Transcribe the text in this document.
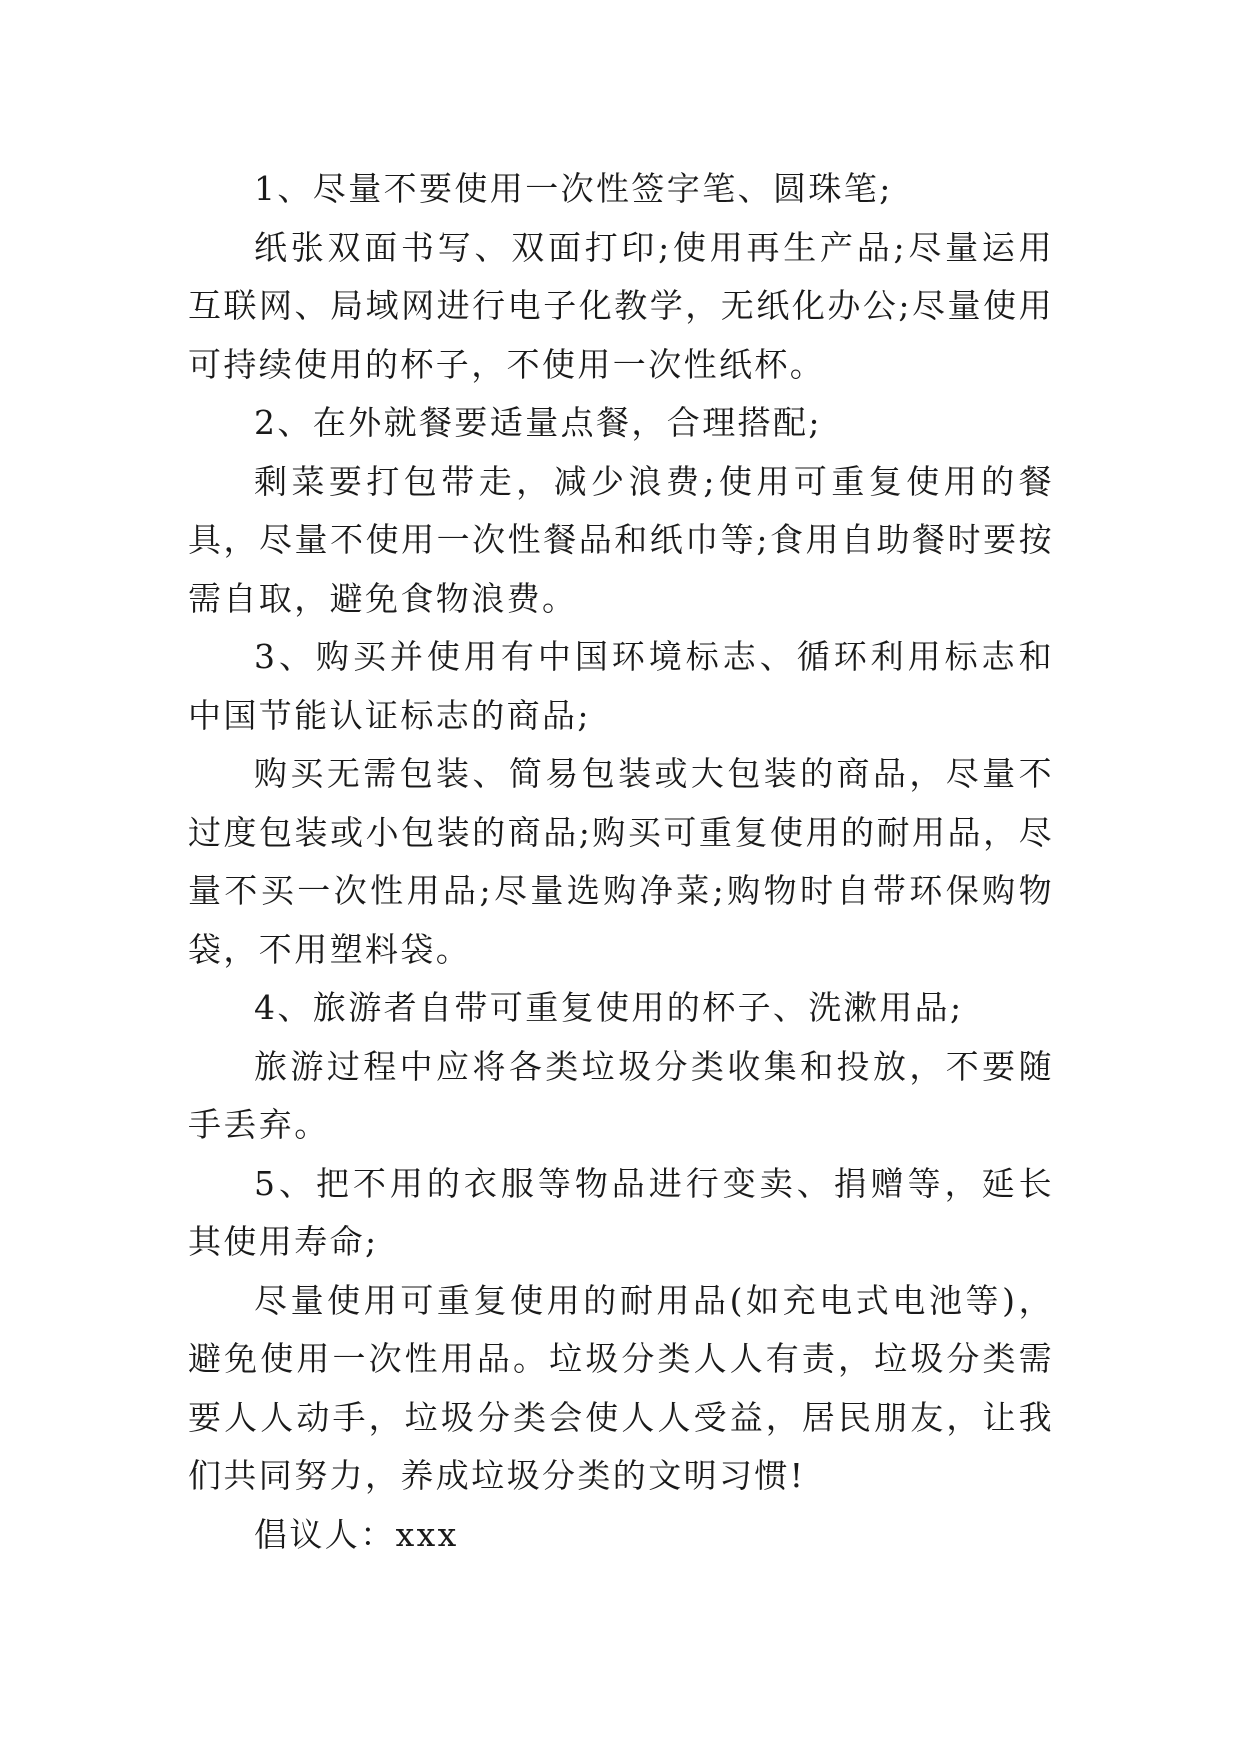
1、尽量不要使用一次性签字笔、圆珠笔;

纸张双面书写、双面打印;使用再生产品;尽量运用互联网、局域网进行电子化教学，无纸化办公;尽量使用可持续使用的杯子，不使用一次性纸杯。

2、在外就餐要适量点餐，合理搭配;

剩菜要打包带走，减少浪费;使用可重复使用的餐具，尽量不使用一次性餐品和纸巾等;食用自助餐时要按需自取，避免食物浪费。

3、购买并使用有中国环境标志、循环利用标志和中国节能认证标志的商品;

购买无需包装、简易包装或大包装的商品，尽量不过度包装或小包装的商品;购买可重复使用的耐用品，尽量不买一次性用品;尽量选购净菜;购物时自带环保购物袋，不用塑料袋。

4、旅游者自带可重复使用的杯子、洗漱用品;

旅游过程中应将各类垃圾分类收集和投放，不要随手丢弃。

5、把不用的衣服等物品进行变卖、捐赠等，延长其使用寿命;

尽量使用可重复使用的耐用品(如充电式电池等)，避免使用一次性用品。垃圾分类人人有责，垃圾分类需要人人动手，垃圾分类会使人人受益，居民朋友，让我们共同努力，养成垃圾分类的文明习惯!

倡议人：xxx
